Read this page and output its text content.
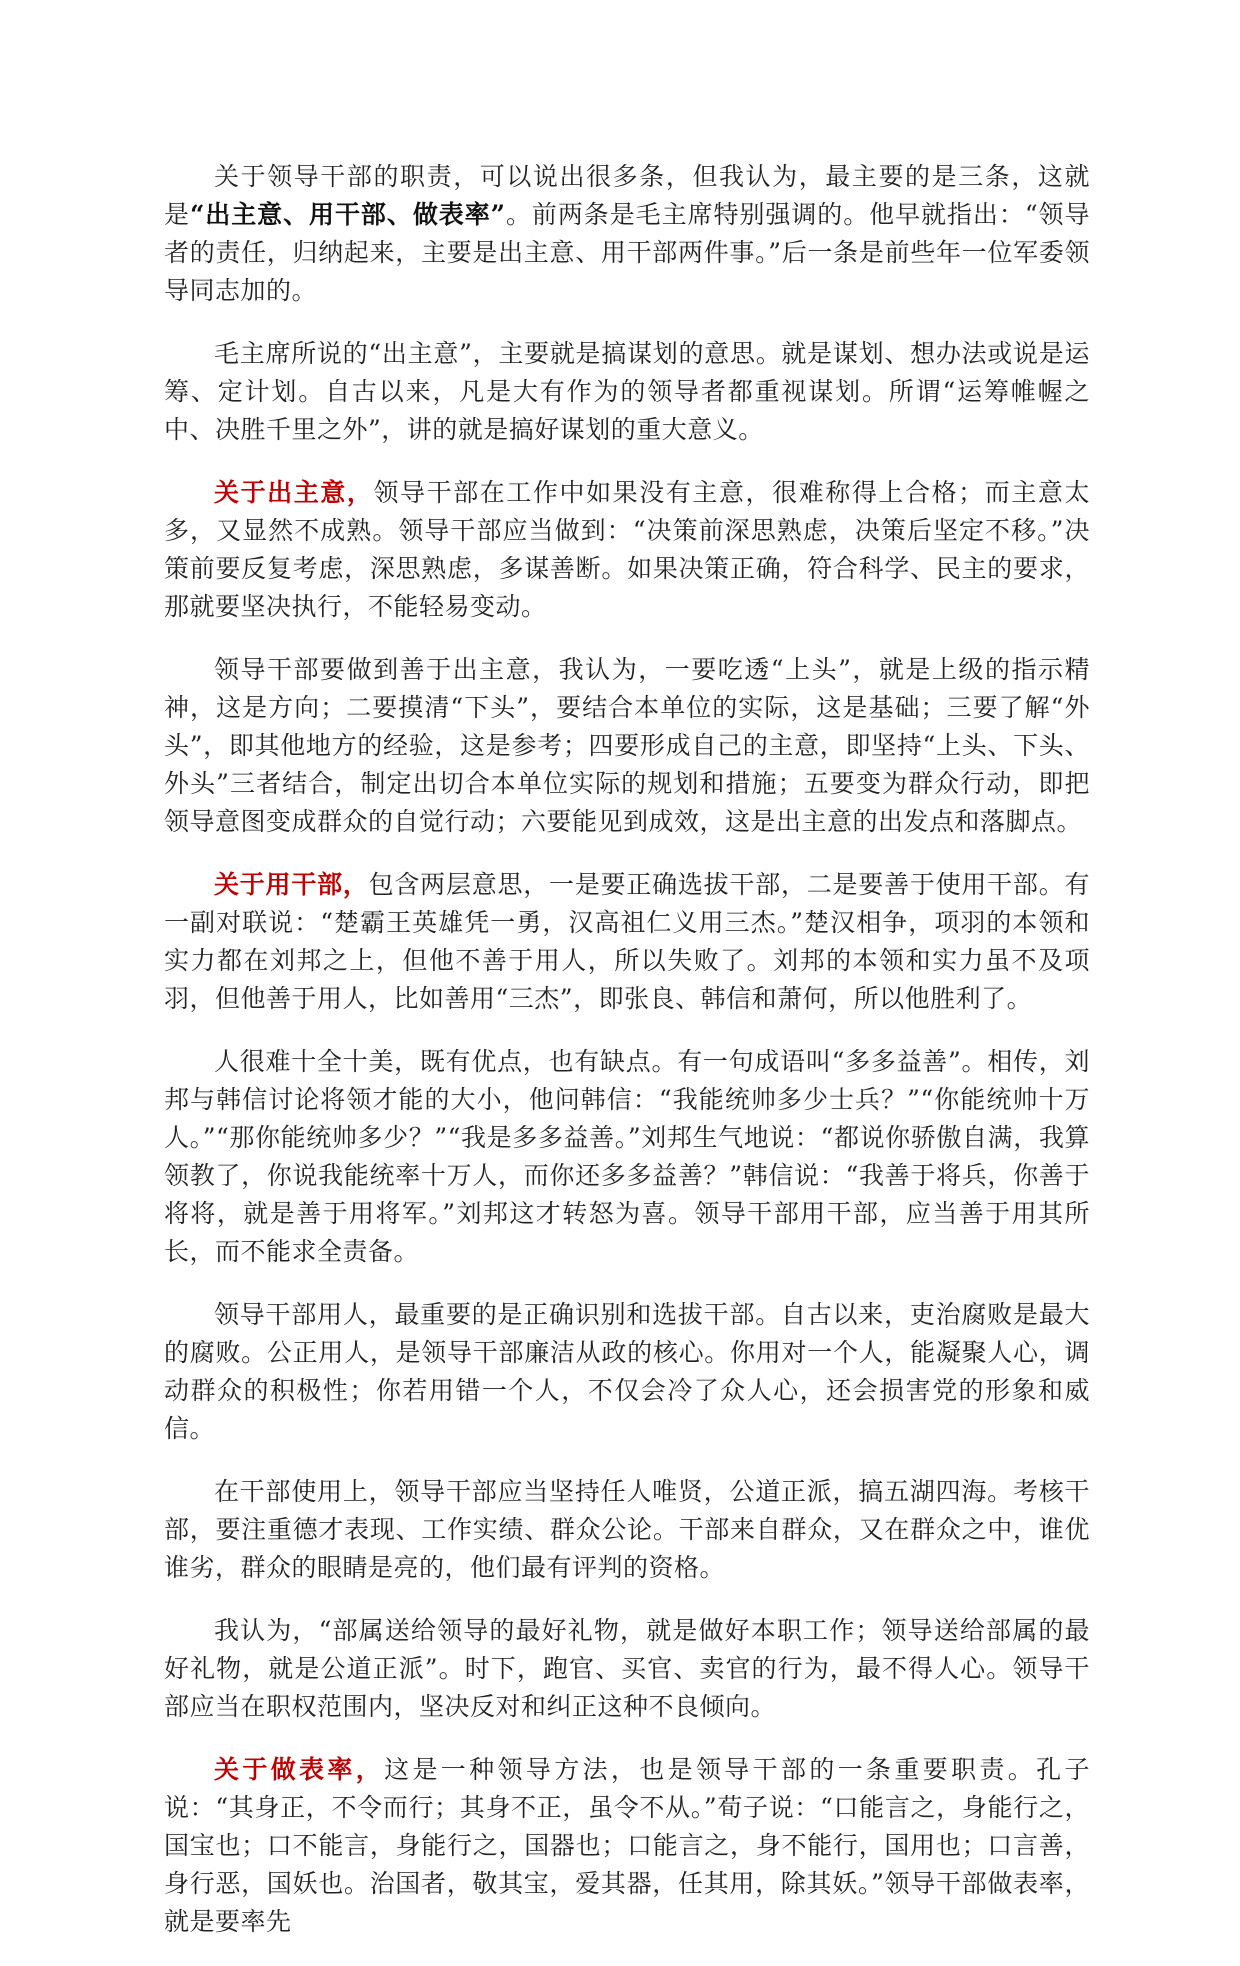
关于领导干部的职责，可以说出很多条，但我认为，最主要的是三条，这就是“出主意、用干部、做表率”。前两条是毛主席特别强调的。他早就指出：“领导者的责任，归纳起来，主要是出主意、用干部两件事。”后一条是前些年一位军委领导同志加的。

毛主席所说的“出主意”，主要就是搞谋划的意思。就是谋划、想办法或说是运筹、定计划。自古以来，凡是大有作为的领导者都重视谋划。所谓“运筹帷幄之中、决胜千里之外”，讲的就是搞好谋划的重大意义。

关于出主意，领导干部在工作中如果没有主意，很难称得上合格；而主意太多，又显然不成熟。领导干部应当做到：“决策前深思熟虑，决策后坚定不移。”决策前要反复考虑，深思熟虑，多谋善断。如果决策正确，符合科学、民主的要求，那就要坚决执行，不能轻易变动。

领导干部要做到善于出主意，我认为，一要吃透“上头”，就是上级的指示精神，这是方向；二要摸清“下头”，要结合本单位的实际，这是基础；三要了解“外头”，即其他地方的经验，这是参考；四要形成自己的主意，即坚持“上头、下头、外头”三者结合，制定出切合本单位实际的规划和措施；五要变为群众行动，即把领导意图变成群众的自觉行动；六要能见到成效，这是出主意的出发点和落脚点。

关于用干部，包含两层意思，一是要正确选拔干部，二是要善于使用干部。有一副对联说：“楚霸王英雄凭一勇，汉高祖仁义用三杰。”楚汉相争，项羽的本领和实力都在刘邦之上，但他不善于用人，所以失败了。刘邦的本领和实力虽不及项羽，但他善于用人，比如善用“三杰”，即张良、韩信和萧何，所以他胜利了。

人很难十全十美，既有优点，也有缺点。有一句成语叫“多多益善”。相传，刘邦与韩信讨论将领才能的大小，他问韩信：“我能统帅多少士兵？”“你能统帅十万人。”“那你能统帅多少？”“我是多多益善。”刘邦生气地说：“都说你骄傲自满，我算领教了，你说我能统率十万人，而你还多多益善？”韩信说：“我善于将兵，你善于将将，就是善于用将军。”刘邦这才转怒为喜。领导干部用干部，应当善于用其所长，而不能求全责备。

领导干部用人，最重要的是正确识别和选拔干部。自古以来，吏治腐败是最大的腐败。公正用人，是领导干部廉洁从政的核心。你用对一个人，能凝聚人心，调动群众的积极性；你若用错一个人，不仅会冷了众人心，还会损害党的形象和威信。

在干部使用上，领导干部应当坚持任人唯贤，公道正派，搞五湖四海。考核干部，要注重德才表现、工作实绩、群众公论。干部来自群众，又在群众之中，谁优谁劣，群众的眼睛是亮的，他们最有评判的资格。

我认为，“部属送给领导的最好礼物，就是做好本职工作；领导送给部属的最好礼物，就是公道正派”。时下，跑官、买官、卖官的行为，最不得人心。领导干部应当在职权范围内，坚决反对和纠正这种不良倾向。

关于做表率，这是一种领导方法，也是领导干部的一条重要职责。孔子说：“其身正，不令而行；其身不正，虽令不从。”荀子说：“口能言之，身能行之，国宝也；口不能言，身能行之，国器也；口能言之，身不能行，国用也；口言善，身行恶，国妖也。治国者，敬其宝，爱其器，任其用，除其妖。”领导干部做表率，就是要率先
